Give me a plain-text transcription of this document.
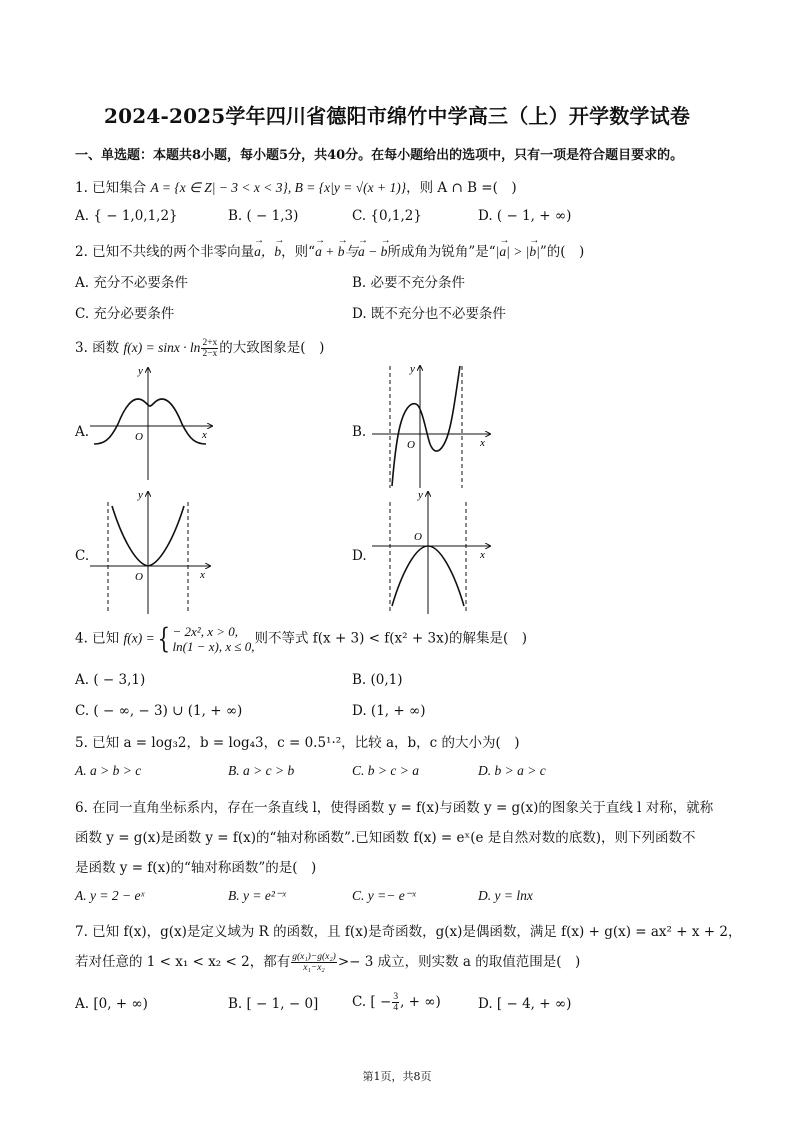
2024-2025学年四川省德阳市绵竹中学高三（上）开学数学试卷
一、单选题：本题共8小题，每小题5分，共40分。在每小题给出的选项中，只有一项是符合题目要求的。
1. 已知集合 A = {x ∈ Z| − 3 < x < 3}, B = {x|y = √(x + 1)}，则 A ∩ B =(　)
A. { − 1,0,1,2}	B. ( − 1,3)	C. {0,1,2}	D. ( − 1, + ∞)
2. 已知不共线的两个非零向量→ a，→ b，则“→ a + → b与→ a − → b所成角为锐角”是“|→ a| > |→ b|”的(　)
A. 充分不必要条件	B. 必要不充分条件
C. 充分必要条件	D. 既不充分也不必要条件
3. 函数 $f(x) = \sin x \cdot \ln \frac{2+x}{2-x}$ 的大致图象是(　)
A.	x
y
O	B.
x
y
O
C.
x
y
O
D.	x
y
O
4. 已知 f(x) ={ − 2x², x > 0,
ln(1 − x), x ≤ 0, 则不等式 f(x + 3) < f(x² + 3x)的解集是(　)
A. ( − 3,1)	B. (0,1)
C. ( − ∞, − 3) ∪ (1, + ∞)	D. (1, + ∞)
5. 已知 a = log₃2，b = log₄3，c = 0.5¹·²，比较 a，b，c 的大小为(　)
A. a > b > c	B. a > c > b	C. b > c > a	D. b > a > c
6. 在同一直角坐标系内，存在一条直线 l，使得函数 y = f(x)与函数 y = g(x)的图象关于直线 l 对称，就称
函数 y = g(x)是函数 y = f(x)的“轴对称函数”.已知函数 f(x) = eˣ(e 是自然对数的底数)，则下列函数不
是函数 y = f(x)的“轴对称函数”的是(　)
A. y = 2 − eˣ	B. y = e²⁻ˣ	C. y =− e⁻ˣ	D. y = lnx
7. 已知 f(x)，g(x)是定义域为 R 的函数，且 f(x)是奇函数，g(x)是偶函数，满足 f(x) + g(x) = ax² + x + 2，
若对任意的 1 < x₁ < x₂ < 2，都有 $\frac{\text{g(x₁)−g(x₂)}}{\text{x₁−x₂}} >- 3$ 成立，则实数 a 的取值范围是(　)
A. [0, + ∞)	B. [ − 1, − 0] C. [ − $\frac{3}{4}$ , + ∞)	D. [ − 4, + ∞)
第1页，共8页
